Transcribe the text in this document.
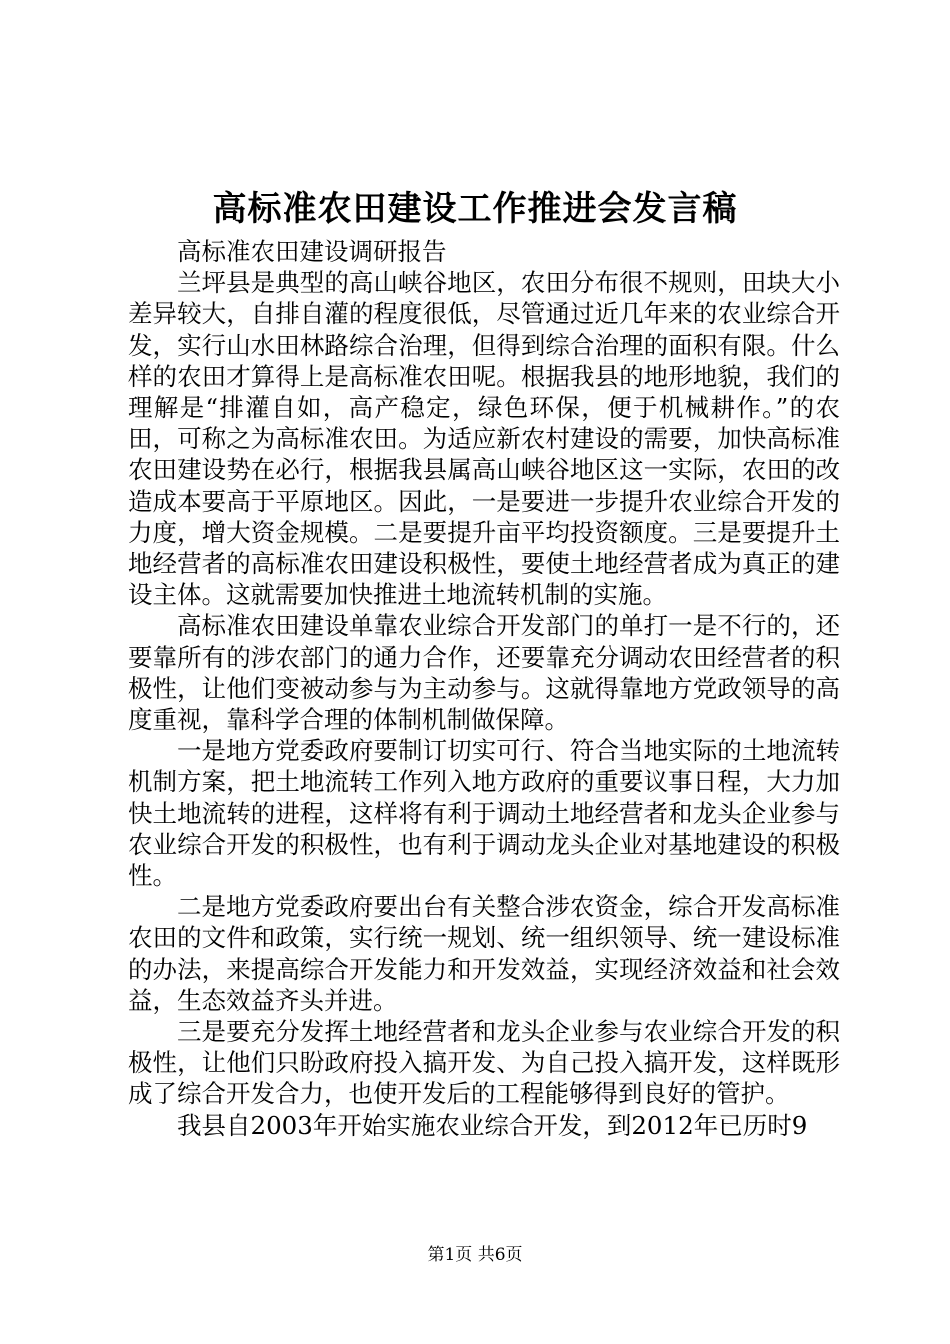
高标准农田建设工作推进会发言稿

高标准农田建设调研报告

兰坪县是典型的高山峡谷地区，农田分布很不规则，田块大小差异较大，自排自灌的程度很低，尽管通过近几年来的农业综合开发，实行山水田林路综合治理，但得到综合治理的面积有限。什么样的农田才算得上是高标准农田呢。根据我县的地形地貌，我们的理解是“排灌自如，高产稳定，绿色环保，便于机械耕作。”的农田，可称之为高标准农田。为适应新农村建设的需要，加快高标准农田建设势在必行，根据我县属高山峡谷地区这一实际，农田的改造成本要高于平原地区。因此，一是要进一步提升农业综合开发的力度，增大资金规模。二是要提升亩平均投资额度。三是要提升土地经营者的高标准农田建设积极性，要使土地经营者成为真正的建设主体。这就需要加快推进土地流转机制的实施。

高标准农田建设单靠农业综合开发部门的单打一是不行的，还要靠所有的涉农部门的通力合作，还要靠充分调动农田经营者的积极性，让他们变被动参与为主动参与。这就得靠地方党政领导的高度重视，靠科学合理的体制机制做保障。

一是地方党委政府要制订切实可行、符合当地实际的土地流转机制方案，把土地流转工作列入地方政府的重要议事日程，大力加快土地流转的进程，这样将有利于调动土地经营者和龙头企业参与农业综合开发的积极性，也有利于调动龙头企业对基地建设的积极性。

二是地方党委政府要出台有关整合涉农资金，综合开发高标准农田的文件和政策，实行统一规划、统一组织领导、统一建设标准的办法，来提高综合开发能力和开发效益，实现经济效益和社会效益，生态效益齐头并进。

三是要充分发挥土地经营者和龙头企业参与农业综合开发的积极性，让他们只盼政府投入搞开发、为自己投入搞开发，这样既形成了综合开发合力，也使开发后的工程能够得到良好的管护。

我县自2003年开始实施农业综合开发，到2012年已历时9

第1页 共6页
